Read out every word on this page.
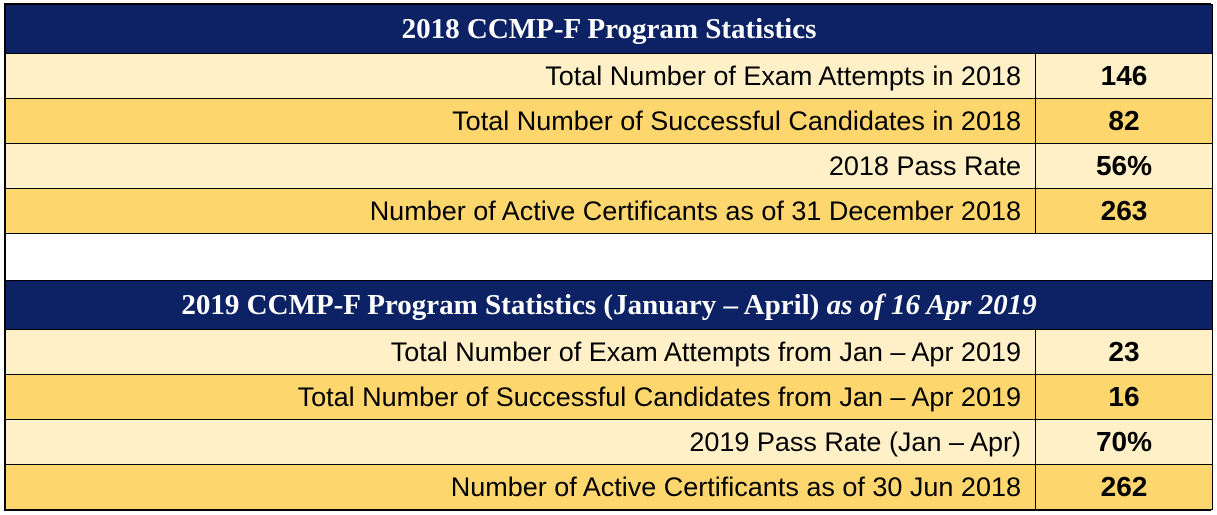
2018 CCMP-F Program Statistics	
Total Number of Exam Attempts in 2018	146
Total Number of Successful Candidates in 2018	82
2018 Pass Rate	56%
Number of Active Certificants as of 31 December 2018	263

2019 CCMP-F Program Statistics (January – April) as of 16 Apr 2019	
Total Number of Exam Attempts from Jan – Apr 2019	23
Total Number of Successful Candidates from Jan – Apr 2019	16
2019 Pass Rate (Jan – Apr)	70%
Number of Active Certificants as of 30 Jun 2018	262
